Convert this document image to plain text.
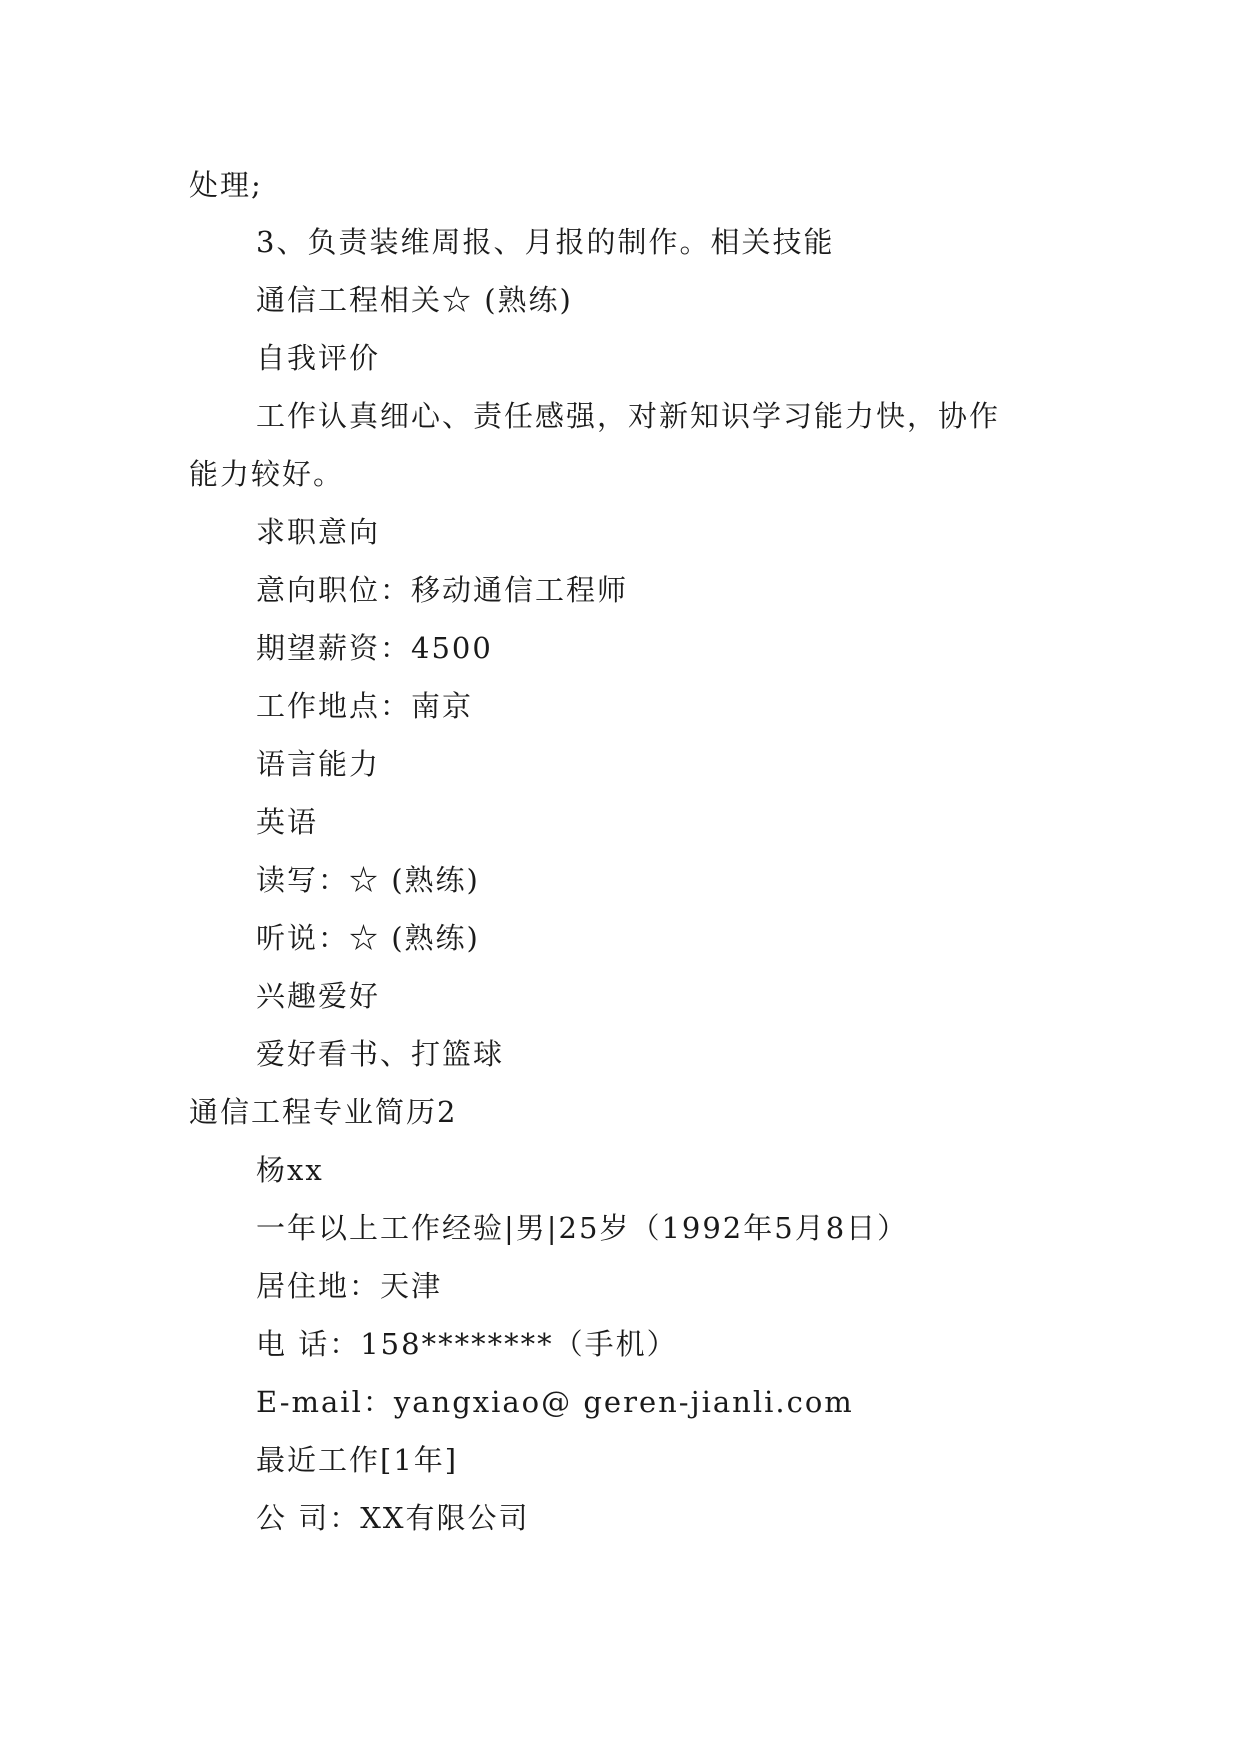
处理;
3、负责装维周报、月报的制作。相关技能
通信工程相关☆ (熟练)
自我评价
工作认真细心、责任感强，对新知识学习能力快，协作
能力较好。
求职意向
意向职位：移动通信工程师
期望薪资：4500
工作地点：南京
语言能力
英语
读写：☆ (熟练)
听说：☆ (熟练)
兴趣爱好
爱好看书、打篮球
通信工程专业简历2
杨xx
一年以上工作经验|男|25岁（1992年5月8日）
居住地：天津
电 话：158********（手机）
E-mail：yangxiao@ geren-jianli.com
最近工作[1年]
公 司：XX有限公司
